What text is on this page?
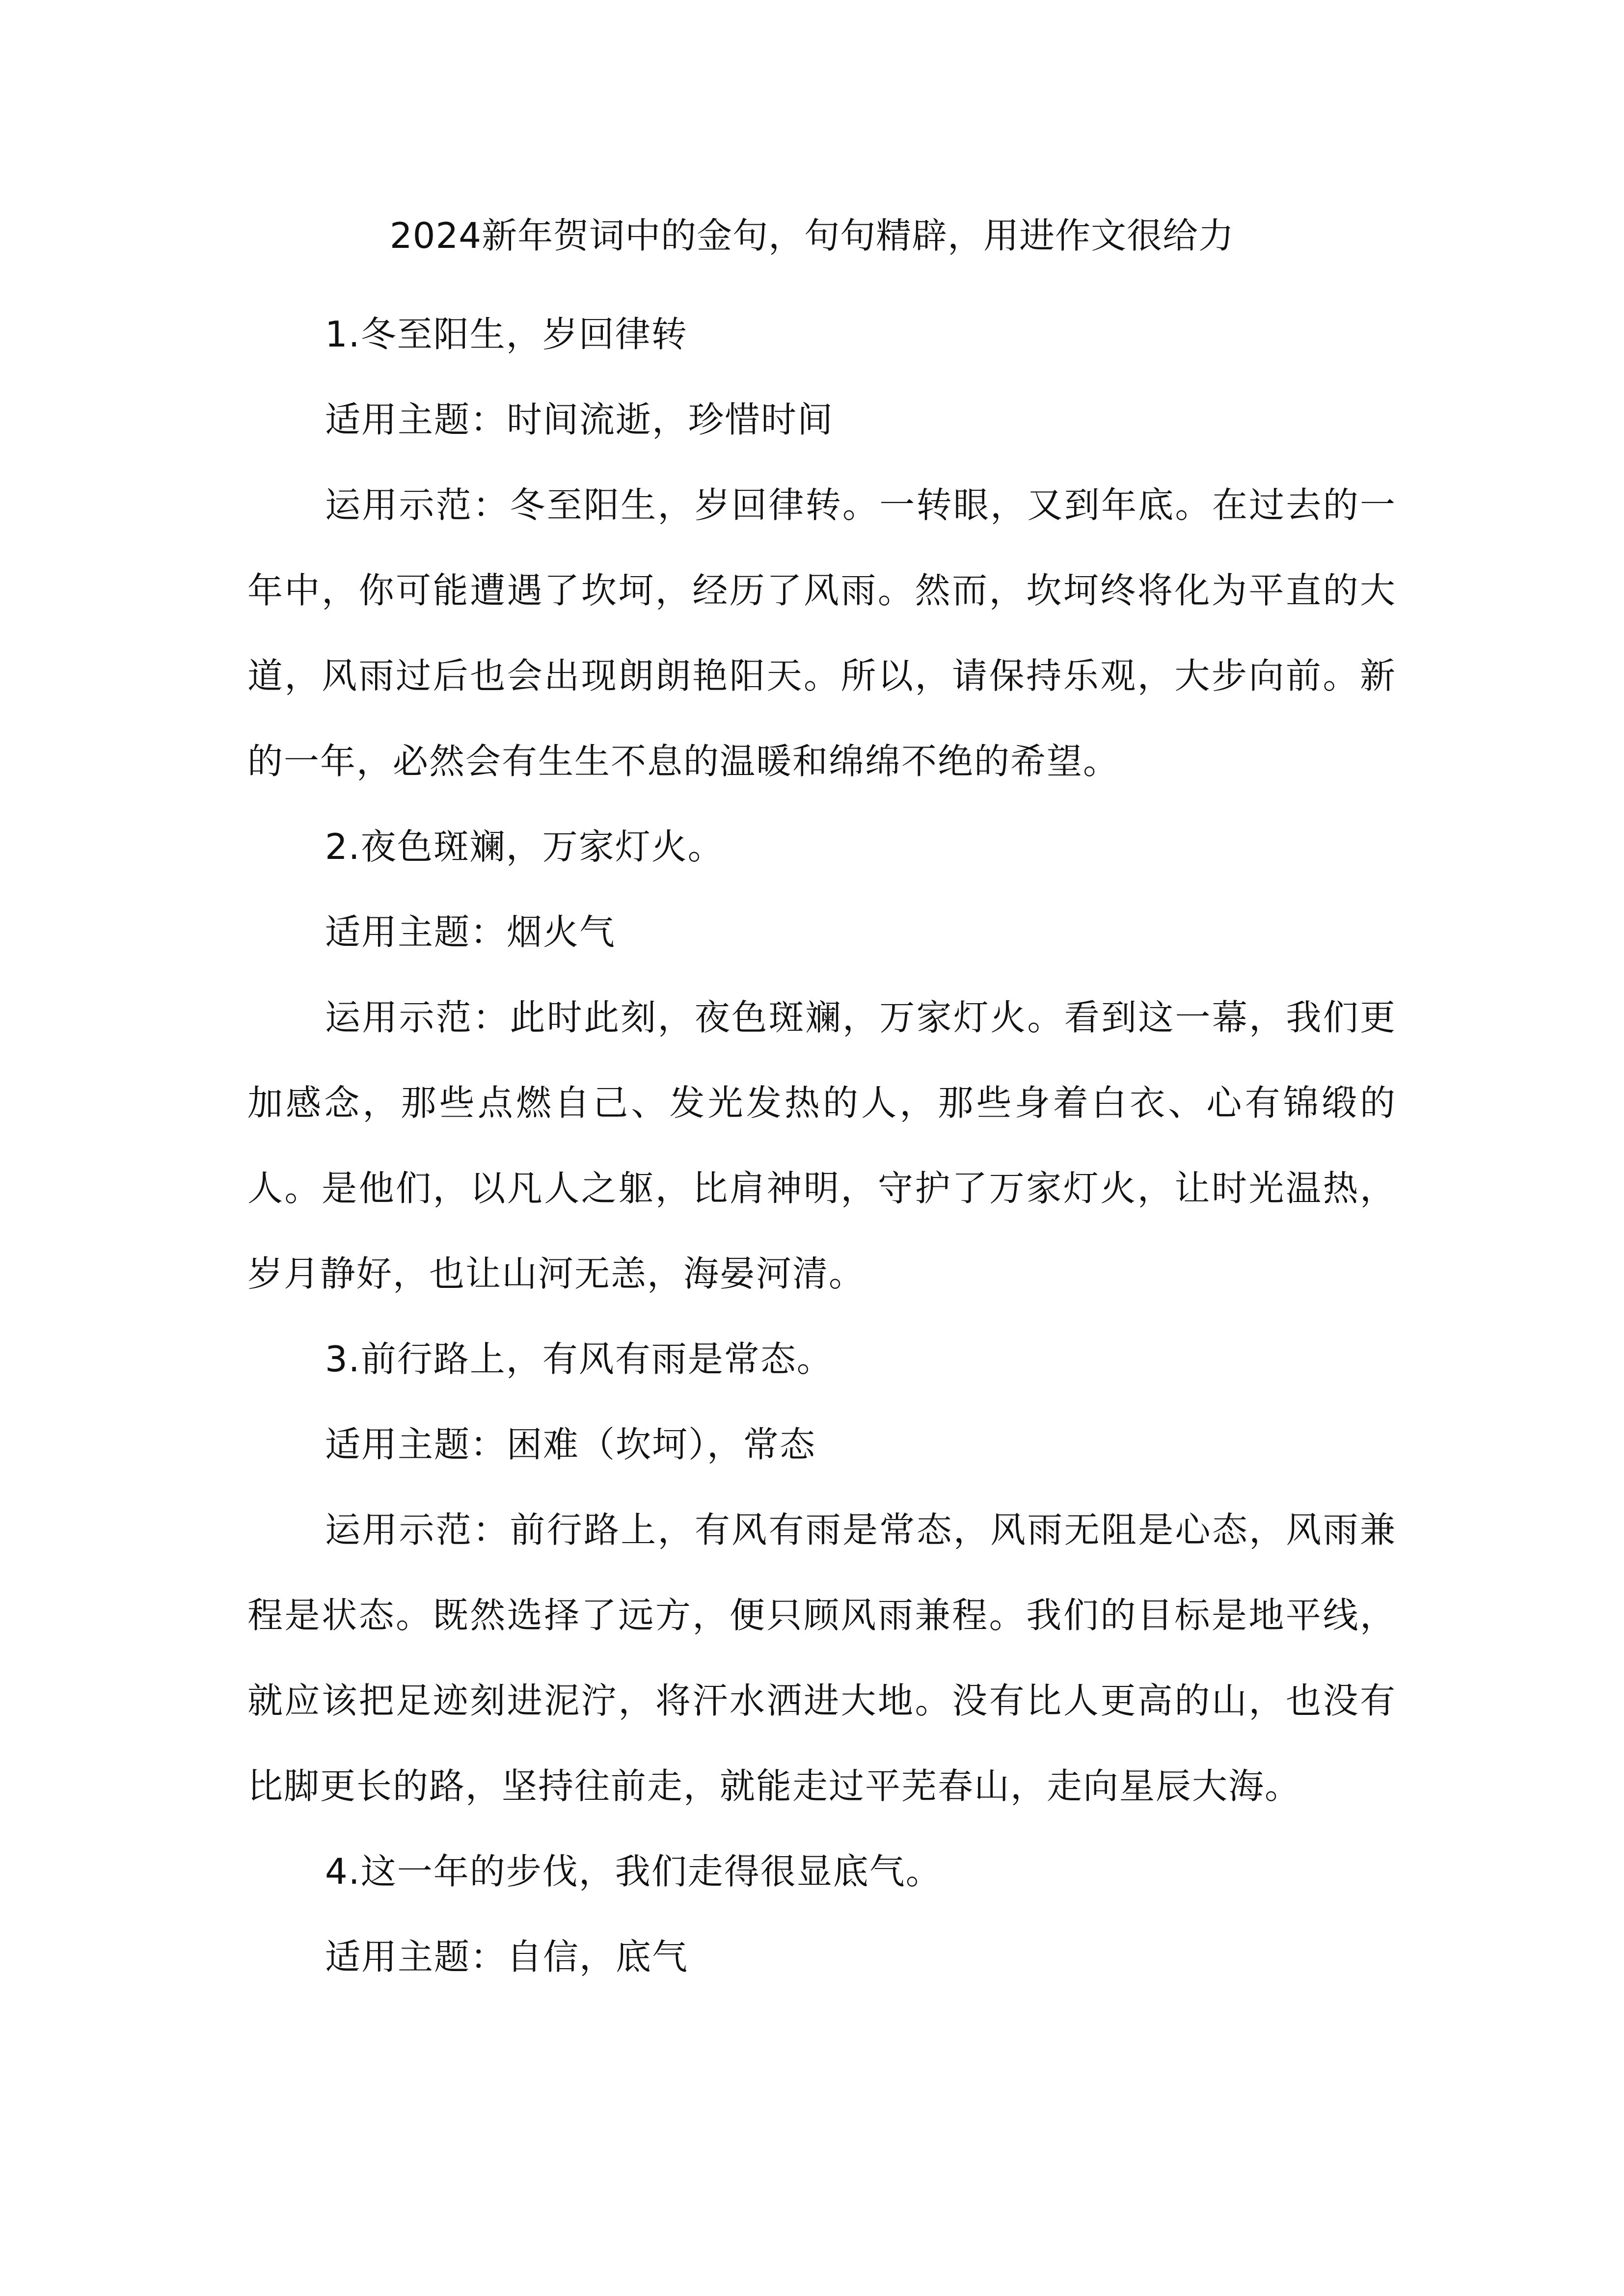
2024新年贺词中的金句，句句精辟，用进作文很给力

1.冬至阳生，岁回律转

适用主题：时间流逝，珍惜时间

运用示范：冬至阳生，岁回律转。一转眼，又到年底。在过去的一年中，你可能遭遇了坎坷，经历了风雨。然而，坎坷终将化为平直的大道，风雨过后也会出现朗朗艳阳天。所以，请保持乐观，大步向前。新的一年，必然会有生生不息的温暖和绵绵不绝的希望。

2.夜色斑斓，万家灯火。

适用主题：烟火气

运用示范：此时此刻，夜色斑斓，万家灯火。看到这一幕，我们更加感念，那些点燃自己、发光发热的人，那些身着白衣、心有锦缎的人。是他们，以凡人之躯，比肩神明，守护了万家灯火，让时光温热，岁月静好，也让山河无恙，海晏河清。

3.前行路上，有风有雨是常态。

适用主题：困难（坎坷），常态

运用示范：前行路上，有风有雨是常态，风雨无阻是心态，风雨兼程是状态。既然选择了远方，便只顾风雨兼程。我们的目标是地平线，就应该把足迹刻进泥泞，将汗水洒进大地。没有比人更高的山，也没有比脚更长的路，坚持往前走，就能走过平芜春山，走向星辰大海。

4.这一年的步伐，我们走得很显底气。

适用主题：自信，底气
